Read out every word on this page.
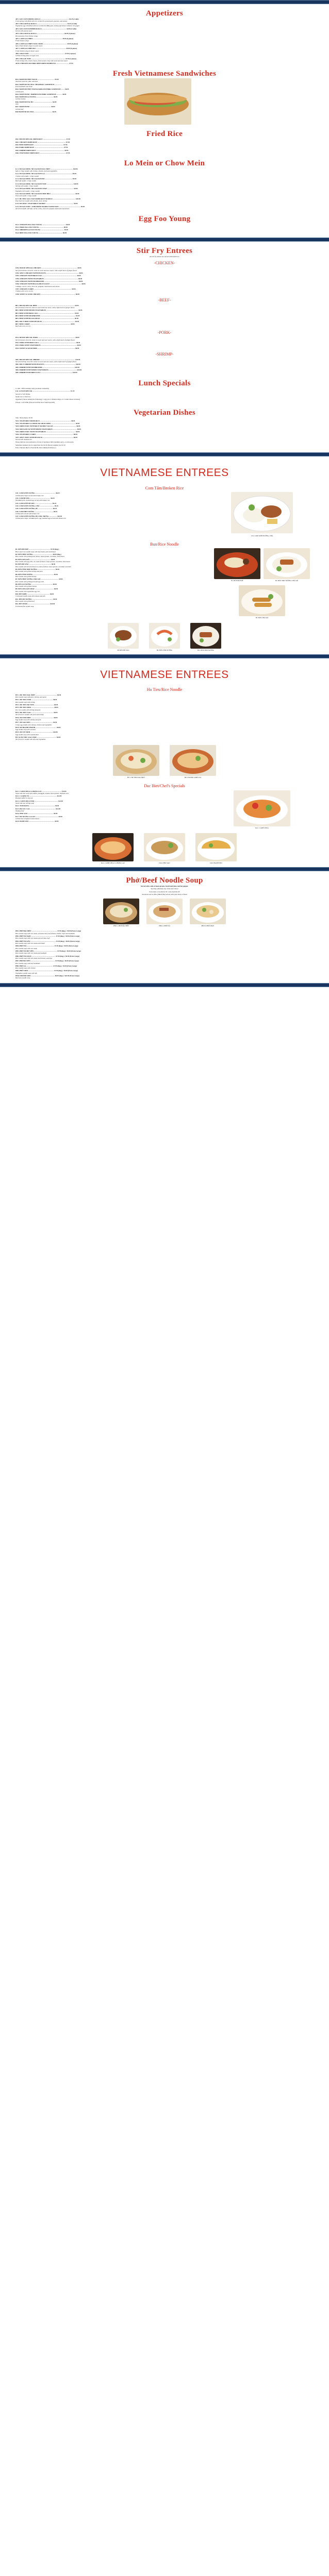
Appetizers
AP1. GOI CUON/SPRING ROLLS .................................................................... $4.25 (2 rolls)
Fresh spring rolls filled with rice vermicelli, ground pork, peanuts, and onions.
AP2. CHA GIO/EGG ROLLS ......................................................................... $4.25 (2 rolls)
Vegetarian egg rolls filled with rice vermicelli, BBQ pork, shrimp and lettuce rolled in rice paper.
AP3. GOI CUON/SUMMER ROLLS ........................................................... $4.95 (2 rolls)
Served with peanut sauce
AP4. CHA GIO/EGG ROLLS .................................................................. $6.95 (5 pieces)
Hot and spicy fried chicken wings
AP5. CANH GA CHIEN ....................................................................... $9.95 (6 pieces)
Fried chicken wings
AP6. CANH GA CHIEN NUOC MAM .......................................................... $9.95 (6 pieces)
Spicy fried chicken wings in oyster sauce
AP7. CANH GA CHIEN BO ......................................................................... $9.95 (6 pieces)
Fried chicken wings in butter sauce
AP8. CHAO TOM ....................................................................................... $7.95 (2 pieces)
Grilled shrimp paste on sugar cane
AP9. CHA GIO TOM ................................................................................... $7.95 (2 pieces)
Fried shrimp rolls, cream cheese, fried wonton crisp with sweet and sour sauce
AP10. CHICKEN OR PORK DEEP FRIED DUMPLING ............................... $7.95
Fresh Vietnamese Sandwiches
BA1. BANH MI THIT NGUOI ......................................... $5.50
Assorted cold cuts, pâté, and ham
BA2. BANH MI XIU MAI / MEATBALL SANDWICH .................
Pork meatballs and onion
BA3. BANH MI THIT NUONG/GRILLED PORK SANDWICH ......... $6.95
Grilled pork
BA4. BANH MI BO / BARBECUED PORK SANDWICH .............. $6.95
BA5. BANH MI GA NUONG ......................................... $6.95
Grilled chicken
BA6. BANH MI TAU HU ............................................. $6.95
Tofu
BA7. BANH MI BO ................................................... $6.95
Grilled beef
BA8 BANH MI XIU MAI ............................................ $6.95
Fried Rice
FR1. HOUSE SPECIAL FRIED RICE ........................................................ $7.95
FR2. CHICKEN FRIED RICE .................................................................... $7.95
FR3. BEEF FRIED RICE ....................................................................... $7.95
FR4. PORK FRIED RICE ....................................................................... $7.95
FR5. SHRIMP FRIED RICE .................................................................... $9.95
FR6. VEGETABLE FRIED RICE ............................................................... $7.95
Lo Mein or Chow Mein
LC1. MI XAO MEM / MI XAO DON DAC BIET ...................................................... $10.95
Soft or crispy noodle with shrimp, chicken, beef and vegetables.
LC2. MI XAO MEM / MI XAO DON GA .................................................................. $9.95
Chicken soft noodle / crispy noodle
LC3. MI XAO MEM / MI XAO DON BO .................................................................. $9.95
Beef soft noodle / crispy noodle
LC4. MI XAO MEM / MI XAO DON TOM ................................................................. $10.95
Shrimp soft noodle / crispy noodle
LC5. MI XAO MEM / MI XAO DON CHAY ................................................................ $9.95
Vegetable soft noodle / crispy noodle
LC6. MI XAO MEM / MI XAO DON THIT HEO ........................................................... $9.95
Pork soft noodle / crispy noodle
LC7. HU TIEU XAO / PAN FRIED RICE NOODLE ....................................................... $10.95
Pan fried rice noodle with chicken, beef, shrimp
LC8. MI CHAY / VEGETABLE NOODLE ................................................................... $9.95
LC9. MI XAO TOFU / STIR FRIED NOODLE WITH TOFU .................................................... $9.95
Stir fried noodle with tofu, carrot, celery, broccoli, peapod, mushroom and onions
Egg Foo Young
EG1. CHICKEN EGG FOO YOUNG ......................................................... $8.95
EG2. PORK EGG FOO YOUNG ........................................................... $8.95
EG3. SHRIMP EGG FOO YOUNG ........................................................ $9.95
EG4. BEEF EGG FOO YOUNG .......................................................... $8.95
Stir Fry Entrees
All stir fry entrees are served with steam rice.
-CHICKEN-
CH1. HOUSE SPECIAL CHICKEN ....................................................................................... $8.95
Stir fried chicken, broccoli, onion in sweet and sour sauce, with a light touch of ginger flavor.
CH2. SPICY CHICKEN WITH PEANUTS ............................................................................... $8.95
CH3. CHICKEN WITH BROCCOLI .................................................................................... $8.95
CH4. CHICKEN WITH VEGETABLES .................................................................................. $8.95
CH5. CHICKEN WITH MUSHROOMS ................................................................................... $8.95
CH6. CHICKEN WITH BLACK BEAN SAUCE ............................................................................ $8.95
Cabbage, carrot, celery, broccoli, peapods, mushrooms and onions
CH7. CHICKEN CURRY ........................................................................................... $8.95
Chicken with curry on rice
CH8. SWEET & SOUR CHICKEN .................................................................................... $8.95
-BEEF-
BE1. HOUSE SPECIAL BEEF .......................................................................................... $9.95
Stir fried beef, broccoli, onion in sweet and sour sauce, with a light touch of ginger flavor.
BE2. BEEF WITH MIXED VEGETABLES ............................................................................. $9.95
BE3. BEEF WITH BROCCOLI ........................................................................................ $9.95
BE4. BEEF WITH MUSHROOMS ..................................................................................... $9.95
BE5. BEEF WITH BLACK BEAN ................................................................................... $9.95
BE6. SPICY BEEF WITH PEANUTS ............................................................................... $9.95
BE7. BEEF CURRY .................................................................................................. $9.95
Beef with curry on rice
-PORK-
PO1. HOUSE SPECIAL PORK .......................................................................................... $8.95
Stir fried pork, broccoli, onion in sweet and sour sauce, with a light touch of ginger flavor.
PO2. PORK WITH BROCCOLI .......................................................................................... $8.95
PO3. PORK WITH VEGETABLES ....................................................................................... $8.95
PO4. SWEET & SOUR PORK ........................................................................................... $8.95
-SHRIMP-
SH1. HOUSE SPECIAL SHRIMP ...................................................................................... $10.95
Stir fried shrimp, broccoli, onion in sweet and sour sauce, with a light touch of ginger flavor.
SH2. SPICY SHRIMP WITH PEANUTS ........................................................................... $10.95
SH3. SHRIMP WITH MUSHROOMS ............................................................................. $10.95
SH4. SHRIMP WITH MIXED VEGETABLES .................................................................... $10.95
SH5. SHRIMP WITH BROCCOLI ............................................................................. $10.95
Lunch Specials

11 AM - 3PM weekdays only (excludes weekends)

LS1. LUNCH SPECIAL ........................................................................................... $7.25

Served w/ Soft Drinks

Steam rice or fried rice

Appetizer (choose among the following): 1 egg roll, 2 chicken wings, or 2 cream cheese wontons)

Choose 1 soft drink (Choose from the list of lunch specials)

Vegetarian Dishes

Tofu / Mock Duck / $7.95

VD1. VEGETABLE FRIED RICE ........................................................................... $8.95
VD2. VEGETABLE LO MEIN OR CHOW MEIN ........................................................... $8.95
VD3. FRIED TOFU WITH RICE NOODLE SALAD ........................................................ $8.95
VD4. MOCK DUCK WITH MIXED VEGETABLES .......................................................... $8.95
VD5. FRIED TOFU WITH VEGETABLES ....................................................................... $8.95
VD6. VEGETABLE CURRY .......................................................................................... $8.95
VD7. SPICY TOFU WITH PEANUTS .......................................................................... $8.95
Served with steamed rice

Please indicate your preference of level of spiciness: mild, medium, spicy, or extra spicy.

Substitute steamed rice for plain fried rice $1.00, Brown steamed rice $1.50

Extra Chicken, Beef or Pork $2.99, Extra shrimp $3.99 (6 pc)

VIETNAMESE ENTREES
Com Tấm/Broken Rice
C01. COM SƯỜN NƯỚNG ................................................. $8.25
Grilled pork chops served with broken rice
C02. COM BÌ CHẢ .................................................. $8.25
Shredded pork, steamed egg served with broken rice
C03. COM SƯỜN BÌ CHẢ .......................................... $9.25
C04. COM SƯỜN NƯỚNG, CHẢ ................................... $9.25
C05. COM SƯỜN NƯỚNG, BÌ .................................... $9.25
C06. COM THIT NƯỚNG ............................................. $8.25
Grilled pork served with broken rice
C07. COM SƯỜN NƯỚNG, BÌ, CHẢ, TRỨNG ................... $10.95
Grilled pork chops, shredded pork, egg, steamed egg served with broken rice
C01. COM SƯỜN NƯỚNG, CHẢ
Bun/Rice Noodle
B1. BÚN BÒ HUẾ .................................................... $7.95 (Reg.)
Hue's style rice noodle soup with beef shank, pork and blood
B2. BÚN THỊT NƯỚNG ............................................... $8.95 (Reg.)
Rice noodle with grilled pork, lettuce, bean sprouts, cucumber, mint leaves
B3. BÚN CHẢ GIÒ ................................................... $8.95
Rice noodle with egg rolls, on a bed of lettuce, bean sprouts, cucumber, mint leaves
B4. BÚN BÒ XÀO ...................................................... $8.95
Rice noodle with stir fried beef on a bed of lettuce, bean sprouts, cucumber and mint
B5. BÚN TÔM THỊT NƯỚNG ........................................... $9.95
Rice noodle with grilled shrimp and pork
B6. BÚN TÔM NƯỚNG .................................................. $9.95
Rice noodle with grilled shrimp
B7. BÚN THỊT NƯỚNG CHẢ GIÒ ........................................... $9.95
Rice noodle with grilled pork and egg rolls
B8. BÚN GÀ NƯỚNG ................................................... $8.95
Rice noodle with grilled chicken
B9. BÚN CHẢ GIÒ CHAY .............................................. $8.95
Rice noodle with vegetarian egg roll
B10. BÚN RIÊU ...................................................... $8.95
Crab paste noodle soup with tomato and tofu
B11. BÚN BÒ NƯỚNG .................................................. $9.95
Rice noodle with grilled beef
B12. BÚN MẮM ...................................................... $10.95
Fermented fish noodle soup
B1. BÚN BÒ HUẾ	B2. BÚN THỊT NƯỚNG CHẢ GIÒ
B3. BÚN CHẢ GIÒ
B5 BÚN BÒ XÀO	B6. BÚN TÔM NƯỚNG	B12. BÚN THỊT NƯỚNG
VIETNAMESE ENTREES
Hu Tieu/Rice Noodle
HT 1. HU TIEU DAC BIET .................................................... $8.95
Rice noodle soup with pork, shrimp, and squid
HT 2. HU TIEU TOM .................................................... $8.95
Rice noodle soup with shrimp
HT 3. HU TIEU BO VIEN ............................................... $8.95
HT 4. HU TIEU KHO ....................................................... $8.95
Dry rice noodle with shrimp and pork
HT 5. HU TIEU XAO ...................................................... $8.95
Stir fried rice noodle with pork and shrimp
HT 6. MI TOM THIT ...................................................... $8.95
Egg noodle soup with shrimp and pork
HT 7. MI XAO DON ...................................................... $9.95
Crispy egg noodle with shrimp, chicken and vegetables
HT 8. MI HOANH THANH ................................................... $8.95
Egg noodle soup with wontons
HT 9. MI VIT TIEM ...................................................... $10.95
Egg noodle soup with roasted duck
HT 10. HU TIEU XAO CHAY ............................................... $8.95
Stir fried rice noodle with tofu and vegetables
HT 1. HU TIEU DAC BIET	HT 6. BANH CANH CUA
Dac Biet/Chef's Specials
DA 1. CANH CHUA CA BONG LAU ............................................... $14.95
Sweet and sour soup with catfish, pineapple, tomato, bean sprouts, elephant ears
DA 2. CA KHO TO .................................................................. $14.95
Braised catfish in clay pot
DA 3. CANH CHUA TOM ......................................................... $14.95
Sweet and sour shrimp soup
DA 4. TOM RANG .............................................................. $9.95
DA 5. BO LUC LAC ............................................................. $14.95
Shaking beef
DA 6. PHO XAO .............................................................. $9.95
DA 7. BO NUONG LA LOT ....................................................... $9.95
Grilled beef wrapped in betel leaves
DA 8. BANH XEO .............................................................. $9.95
DA 1. CANH CHUA
DA 2. CANH CHUA CA BONG LAU	DA 6. PHO XAO	DA 8. BANH XEO
Phở/Beef Noodle Soup
Served with a side of bean sprouts, fresh basil, lime, and hot pepper.
You may substitute any of the beef choice
Extra meat or noodle $1.50 / extra broth $1.00
Ask about our Ice Pho (chilled Pho) served with your choice of meat
PHO 1. PHỞ ĐẶC BIỆT	PHO 4. PHỞ TÁI	PHO 9. PHỞ CHAY
PH1. PHỞ ĐẶC BIỆT .............................................................. $7.95 (Reg.) / $9.95 (Extra Large)
Rice noodle soup with rare steak, well done beef, beef brisket, tendon, tripe and meatballs
PH2. PHỞ TÁI NẠM ............................................................ $7.95 (Reg.) / $9.95 (Extra Large)
Rice noodle soup with rare steak and well done beef
PH3. PHỞ TÁI GẦU ............................................................. $7.95 (Reg.) / $9.95 (Extra Large)
Rice noodle soup with rare steak and brisket
PH4. PHỞ TÁI ................................................................... $7.95 (Reg.) / $9.95 (Extra Large)
Rice noodle soup with rare steak
PH5. PHỞ TÁI BÒ VIÊN ........................................................ $7.95 (Reg.) / $9.95 (Extra Large)
Rice noodle soup with rare steak and meatballs
PH6. PHỞ TÁI SÁCH .......................................................... $7.95 (Reg.) / $9.95 (Extra Large)
Rice noodle soup with rare steak, beef brisket, and tripe
PH7. PHỞ BÒ VIÊN ........................................................... $7.95 (Reg.) / $9.95 (Extra Large)
Rice noodle soup with beef meatballs
PH8. PHỞ GÀ ................................................................. $7.95 (Reg.) / $9.95 (Extra Large)
Rice noodle soup with chicken
PH9. PHỞ CHAY .............................................................. $7.95 (Reg.) / $9.95 (Extra Large)
Vegetables noodle soup with tofu
PH10. PHỞ BÒ KHO ......................................................... $8.95 (Reg.) / $10.95 (Extra Large)
Beef stew noodle soup
